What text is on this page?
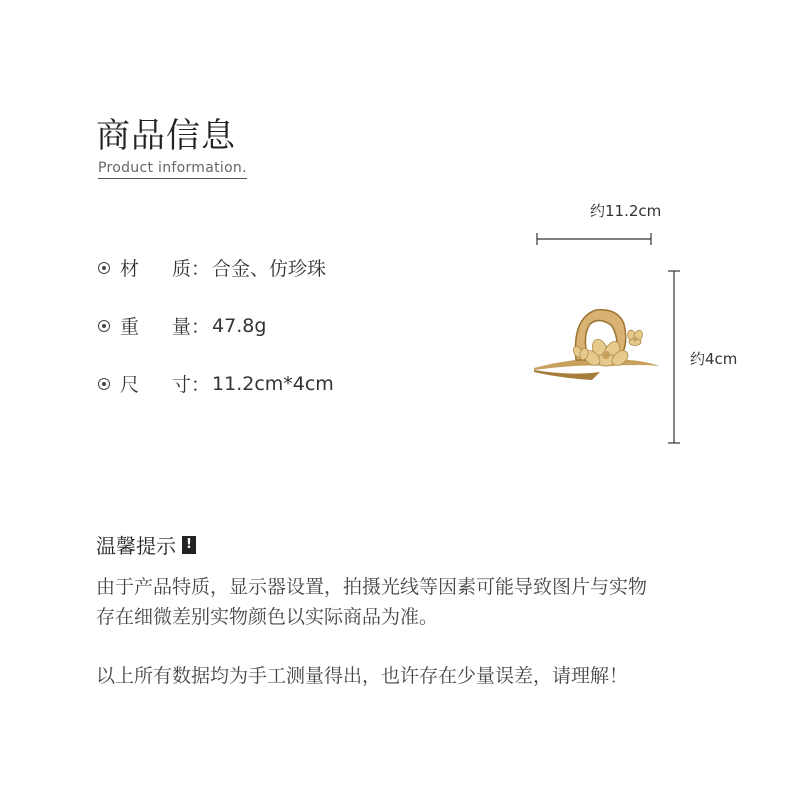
商品信息
Product information.
材	质： 合金、仿珍珠
重	量： 47.8g
尺	寸： 11.2cm*4cm
约11.2cm
约4cm
温馨提示 !
由于产品特质，显示器设置，拍摄光线等因素可能导致图片与实物
存在细微差别实物颜色以实际商品为准。
以上所有数据均为手工测量得出，也许存在少量误差，请理解！
